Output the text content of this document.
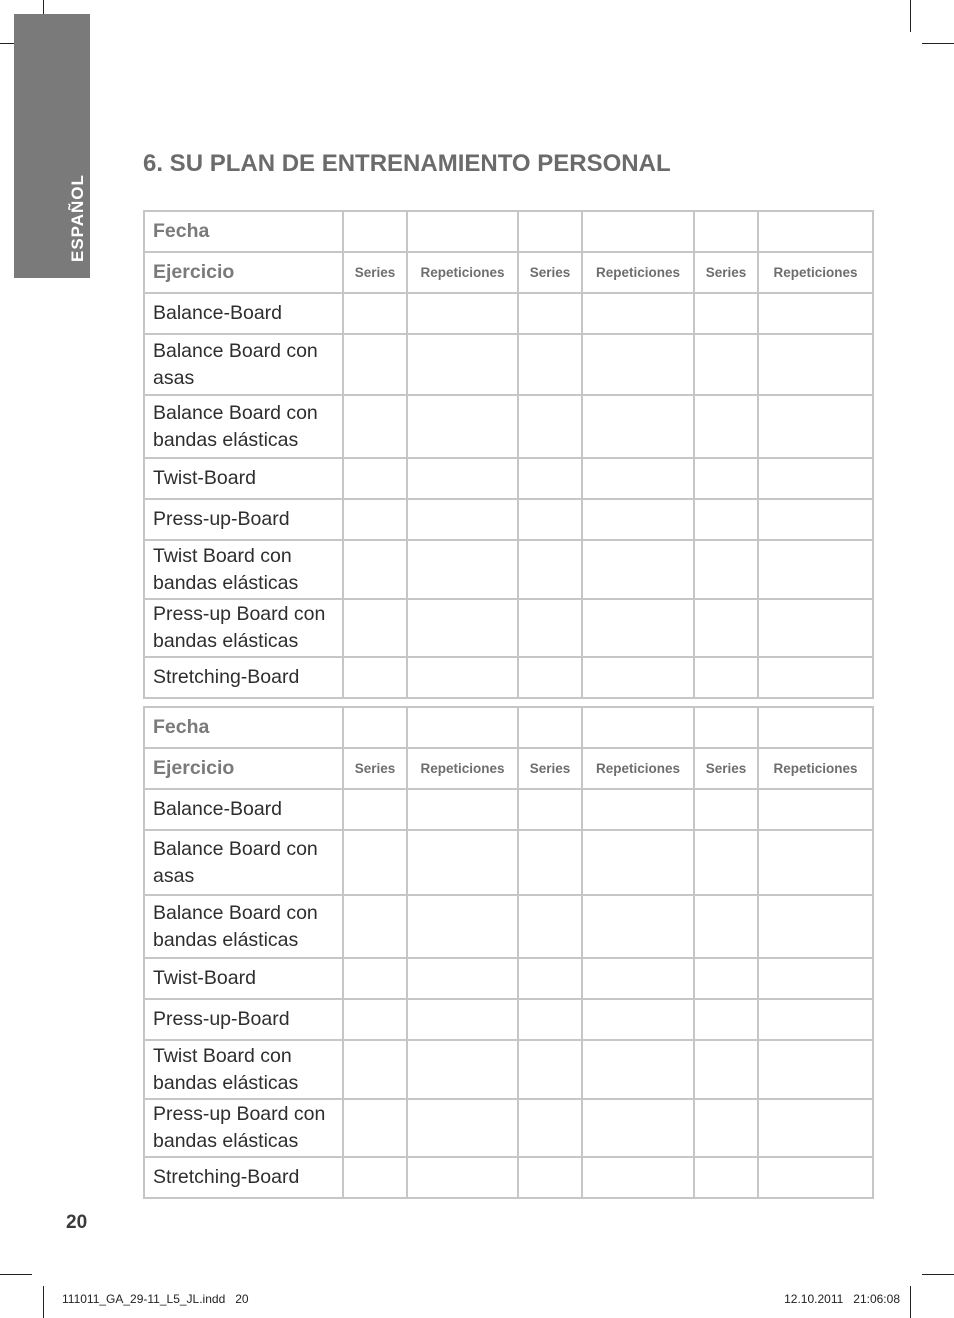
ESPAÑOL
6. SU PLAN DE ENTRENAMIENTO PERSONAL
Fecha						
Ejercicio	Series	Repeticiones	Series	Repeticiones	Series	Repeticiones
Balance-Board						
Balance Board con asas						
Balance Board con bandas elásticas						
Twist-Board						
Press-up-Board						
Twist Board con bandas elásticas						
Press-up Board con bandas elásticas						
Stretching-Board						
Fecha						
Ejercicio	Series	Repeticiones	Series	Repeticiones	Series	Repeticiones
Balance-Board						
Balance Board con asas						
Balance Board con bandas elásticas						
Twist-Board						
Press-up-Board						
Twist Board con bandas elásticas						
Press-up Board con bandas elásticas						
Stretching-Board						
20
111011_GA_29-11_L5_JL.indd   20	12.10.2011   21:06:08
